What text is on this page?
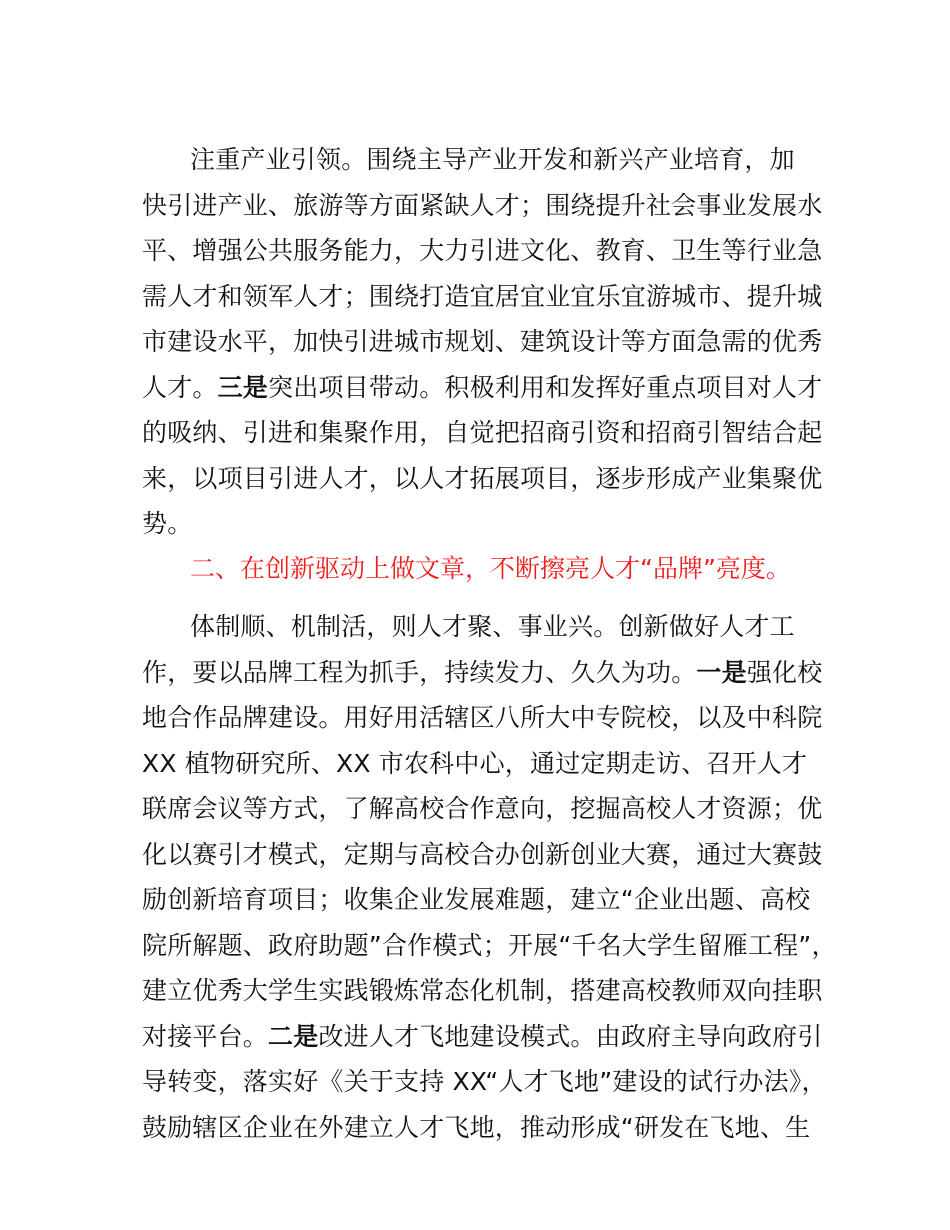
注重产业引领。围绕主导产业开发和新兴产业培育，加
快引进产业、旅游等方面紧缺人才；围绕提升社会事业发展水
平、增强公共服务能力，大力引进文化、教育、卫生等行业急
需人才和领军人才；围绕打造宜居宜业宜乐宜游城市、提升城
市建设水平，加快引进城市规划、建筑设计等方面急需的优秀
人才。三是突出项目带动。积极利用和发挥好重点项目对人才
的吸纳、引进和集聚作用，自觉把招商引资和招商引智结合起
来，以项目引进人才，以人才拓展项目，逐步形成产业集聚优
势。
二、在创新驱动上做文章，不断擦亮人才“品牌”亮度。
体制顺、机制活，则人才聚、事业兴。创新做好人才工
作，要以品牌工程为抓手，持续发力、久久为功。一是强化校
地合作品牌建设。用好用活辖区八所大中专院校，以及中科院
XX 植物研究所、XX 市农科中心，通过定期走访、召开人才
联席会议等方式，了解高校合作意向，挖掘高校人才资源；优
化以赛引才模式，定期与高校合办创新创业大赛，通过大赛鼓
励创新培育项目；收集企业发展难题，建立“企业出题、高校
院所解题、政府助题”合作模式；开展“千名大学生留雁工程”，
建立优秀大学生实践锻炼常态化机制，搭建高校教师双向挂职
对接平台。二是改进人才飞地建设模式。由政府主导向政府引
导转变，落实好《关于支持 XX“人才飞地”建设的试行办法》，
鼓励辖区企业在外建立人才飞地，推动形成“研发在飞地、生
